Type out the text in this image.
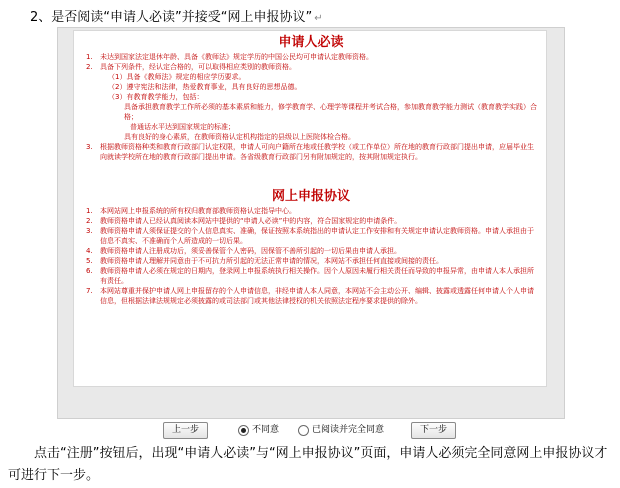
2、是否阅读“申请人必读”并接受“网上申报协议” ↵
申请人必读
1. 未达到国家法定退休年龄、具备《教师法》规定学历的中国公民均可申请认定教师资格。
2. 具备下列条件，经认定合格的，可以取得相应类别的教师资格。
（1）具备《教师法》规定的相应学历要求。
（2）遵守宪法和法律，热爱教育事业，具有良好的思想品德。
（3）有教育教学能力，包括：
具备承担教育教学工作所必须的基本素质和能力，修学教育学、心理学等课程并考试合格，参加教育教学能力测试（教育教学实践）合格；
普通话水平达到国家规定的标准；
具有良好的身心素质，在教师资格认定机构指定的县级以上医院体检合格。
3. 根据教师资格种类和教育行政部门认定权限，申请人可向户籍所在地或任教学校（或工作单位）所在地的教育行政部门提出申请，应届毕业生向就读学校所在地的教育行政部门提出申请。各省级教育行政部门另有附加规定的，按其附加规定执行。
网上申报协议
1. 本网站网上申报系统的所有权归教育部教师资格认定指导中心。
2. 教师资格申请人已经认真阅读本网站中提供的“申请人必读”中的内容，符合国家规定的申请条件。
3. 教师资格申请人须保证提交的个人信息真实、准确，保证按照本系统指出的申请认定工作安排和有关规定申请认定教师资格。申请人承担由于信息不真实、不准确而个人所造成的一切后果。
4. 教师资格申请人注册成功后，须妥善保管个人密码，因保管不善所引起的一切后果由申请人承担。
5. 教师资格申请人理解并同意由于不可抗力所引起的无法正常申请的情况，本网站不承担任何直接或间接的责任。
6. 教师资格申请人必须在规定的日期内，登录网上申报系统执行相关操作。因个人原因未履行相关责任而导致的申报异常，由申请人本人承担所有责任。
7. 本网站尊重并保护申请人网上申报留存的个人申请信息，非经申请人本人同意，本网站不会主动公开、编辑、披露或透露任何申请人个人申请信息，但根据法律法规规定必须披露的或司法部门或其他法律授权的机关依照法定程序要求提供的除外。
上一步	不同意	已阅读并完全同意	下一步
点击“注册”按钮后，出现“申请人必读”与“网上申报协议”页面，申请人必须完全同意网上申报协议才可进行下一步。
